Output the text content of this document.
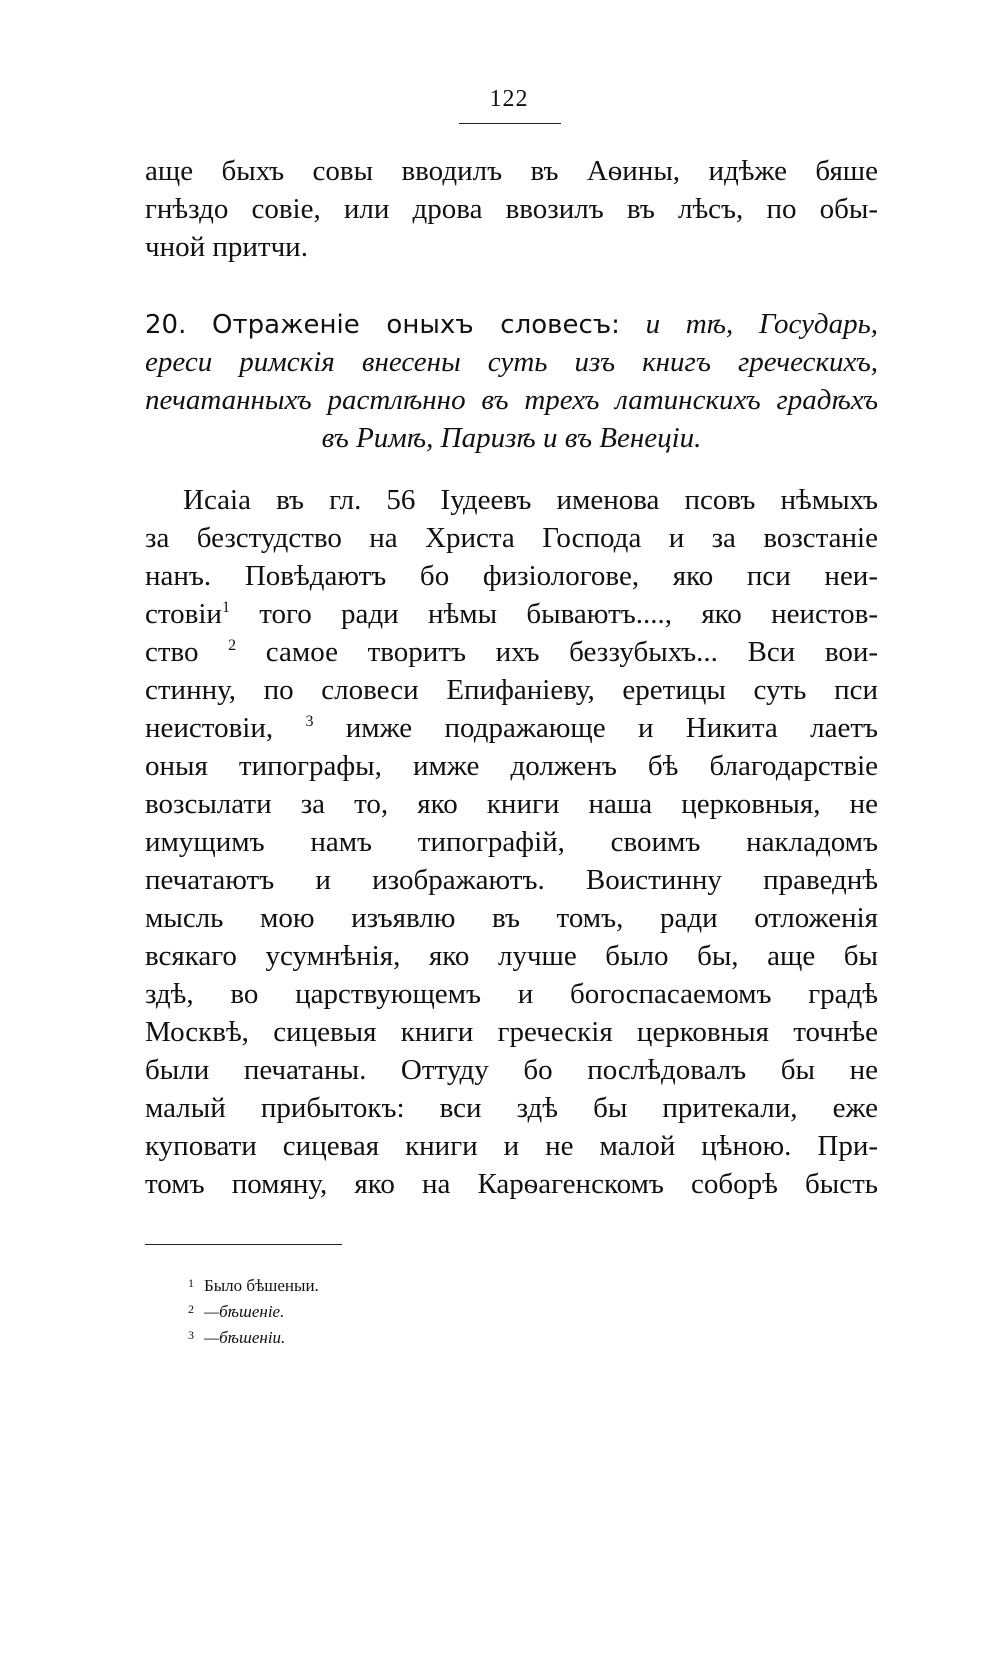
122
аще быхъ совы вводилъ въ Аѳины, идѣже бяше
гнѣздо совіе, или дрова ввозилъ въ лѣсъ, по обы-
чной притчи.
20. Отраженіе оныхъ словесъ: и тѣ, Государь,
ереси римскія внесены суть изъ книгъ греческихъ,
печатанныхъ растлѣнно въ трехъ латинскихъ градѣхъ
въ Римѣ, Паризѣ и въ Венеціи.
Исаіа въ гл. 56 Іудеевъ именова псовъ нѣмыхъ
за безстудство на Христа Господа и за возстаніе
нанъ. Повѣдаютъ бо физіологове, яко пси неи-
стовіи$^1$ того ради нѣмы бываютъ...., яко неистов-
ство $^2$ самое творитъ ихъ беззубыхъ... Вси вои-
стинну, по словеси Епифаніеву, еретицы суть пси
неистовіи, $^3$ имже подражающе и Никита лаетъ
оныя типографы, имже долженъ бѣ благодарствіе
возсылати за то, яко книги наша церковныя, не
имущимъ намъ типографій, своимъ накладомъ
печатаютъ и изображаютъ. Воистинну праведнѣ
мысль мою изъявлю въ томъ, ради отложенія
всякаго усумнѣнія, яко лучше было бы, аще бы
здѣ, во царствующемъ и богоспасаемомъ градѣ
Москвѣ, сицевыя книги греческія церковныя точнѣе
были печатаны. Оттуду бо послѣдовалъ бы не
малый прибытокъ: вси здѣ бы притекали, еже
куповати сицевая книги и не малой цѣною. При-
томъ помяну, яко на Карѳагенскомъ соборѣ бысть
1 Было бѣшеныи.
2 —бѣшеніе.
3 —бѣшеніи.
